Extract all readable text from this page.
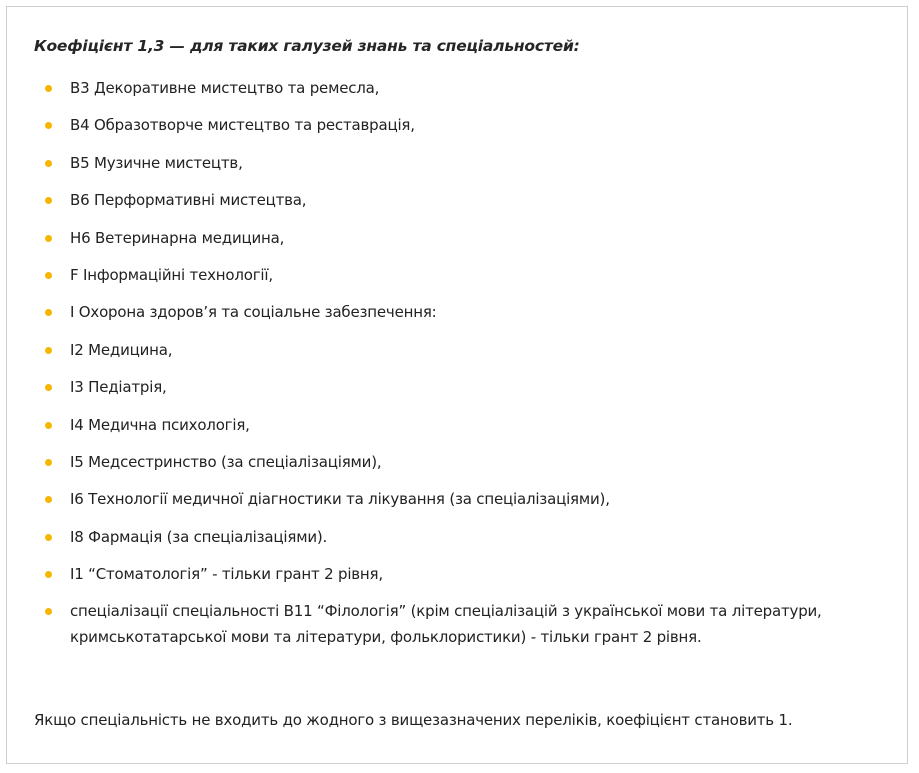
Коефіцієнт 1,3 — для таких галузей знань та спеціальностей:
В3 Декоративне мистецтво та ремесла,
В4 Образотворче мистецтво та реставрація,
В5 Музичне мистецтв,
В6 Перформативні мистецтва,
Н6 Ветеринарна медицина,
F Інформаційні технології,
I Охорона здоров’я та соціальне забезпечення:
I2 Медицина,
I3 Педіатрія,
I4 Медична психологія,
I5 Медсестринство (за спеціалізаціями),
I6 Технології медичної діагностики та лікування (за спеціалізаціями),
I8 Фармація (за спеціалізаціями).
I1 “Стоматологія” - тільки грант 2 рівня,
спеціалізації спеціальності В11 “Філологія” (крім спеціалізацій з української мови та літератури, кримськотатарської мови та літератури, фольклористики) - тільки грант 2 рівня.
Якщо спеціальність не входить до жодного з вищезазначених переліків, коефіцієнт становить 1.
